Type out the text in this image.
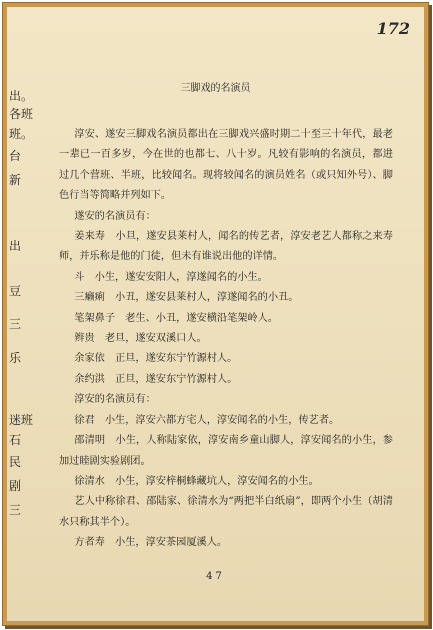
172
出。
各班
班。
台
新
出
豆
三
乐
迷班
石
民
剧
三
三脚戏的名演员

淳安、遂安三脚戏名演员都出在三脚戏兴盛时期二十至三十年代，最老一辈已一百多岁，今在世的也都七、八十岁。凡较有影响的名演员，都进过几个营班、半班，比较闻名。现将较闻名的演员姓名（或只知外号）、脚色行当等简略并列如下。

遂安的名演员有：

姜来寿　小旦，遂安县莱村人，闻名的传艺者，淳安老艺人都称之来寿师，并乐称是他的门徒，但未有谁说出他的详情。

斗　小生，遂安安阳人，淳遂闻名的小生。

三癞痢　小丑，遂安县莱村人，淳遂闻名的小丑。

笔架鼻子　老生、小丑，遂安横沿笔架岭人。

辫贵　老旦，遂安双溪口人。

余家依　正旦，遂安东宁竹源村人。

余约洪　正旦，遂安东宁竹源村人。

淳安的名演员有：

徐君　小生，淳安六都方宅人，淳安闻名的小生，传艺者。

邵清明　小生，人称陆家依，淳安南乡童山脚人，淳安闻名的小生，参加过睦剧实验剧团。

徐清水　小生，淳安梓桐蜂藏坑人，淳安闻名的小生。

艺人中称徐君、邵陆家、徐清水为“两把半白纸扇”，即两个小生（胡清水只称其半个）。

方者寿　小生，淳安茶园厦溪人。

47
